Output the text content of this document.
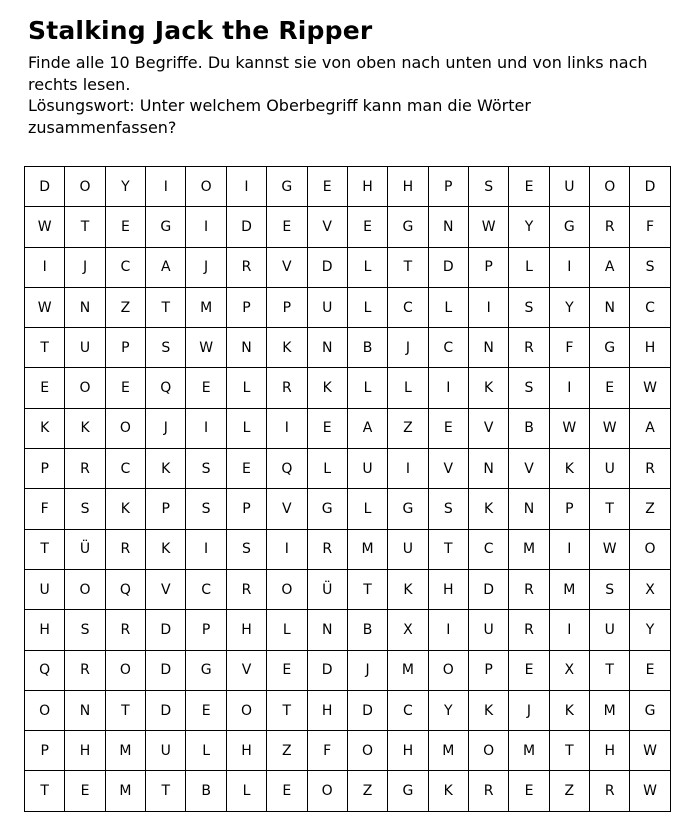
Stalking Jack the Ripper

Finde alle 10 Begriffe. Du kannst sie von oben nach unten und von links nach rechts lesen.

Lösungswort: Unter welchem Oberbegriff kann man die Wörter zusammenfassen?

D	O	Y	I	O	I	G	E	H	H	P	S	E	U	O	D
W	T	E	G	I	D	E	V	E	G	N	W	Y	G	R	F
I	J	C	A	J	R	V	D	L	T	D	P	L	I	A	S
W	N	Z	T	M	P	P	U	L	C	L	I	S	Y	N	C
T	U	P	S	W	N	K	N	B	J	C	N	R	F	G	H
E	O	E	Q	E	L	R	K	L	L	I	K	S	I	E	W
K	K	O	J	I	L	I	E	A	Z	E	V	B	W	W	A
P	R	C	K	S	E	Q	L	U	I	V	N	V	K	U	R
F	S	K	P	S	P	V	G	L	G	S	K	N	P	T	Z
T	Ü	R	K	I	S	I	R	M	U	T	C	M	I	W	O
U	O	Q	V	C	R	O	Ü	T	K	H	D	R	M	S	X
H	S	R	D	P	H	L	N	B	X	I	U	R	I	U	Y
Q	R	O	D	G	V	E	D	J	M	O	P	E	X	T	E
O	N	T	D	E	O	T	H	D	C	Y	K	J	K	M	G
P	H	M	U	L	H	Z	F	O	H	M	O	M	T	H	W
T	E	M	T	B	L	E	O	Z	G	K	R	E	Z	R	W
